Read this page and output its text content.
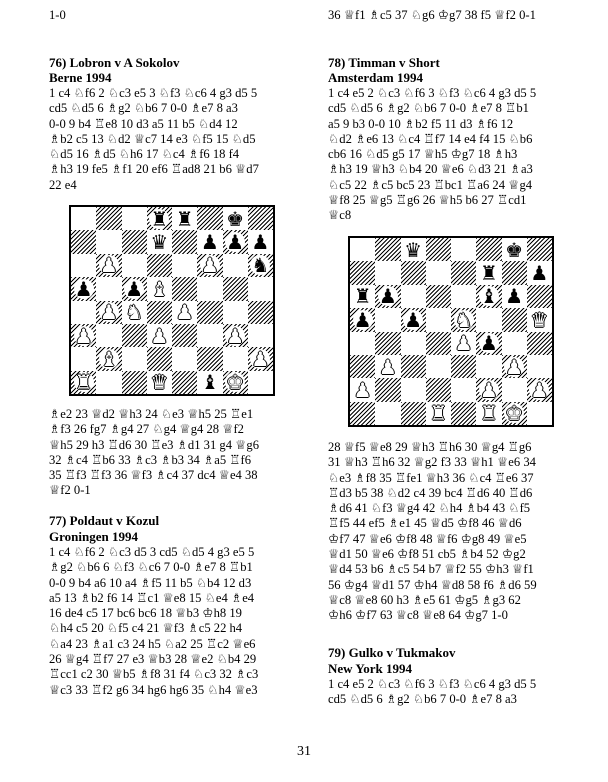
1-0
76) Lobron v A Sokolov
Berne 1994
1 c4 ♘f6 2 ♘c3 e5 3 ♘f3 ♘c6 4 g3 d5 5
cd5 ♘d5 6 ♗g2 ♘b6 7 0-0 ♗e7 8 a3
0-0 9 b4 ♖e8 10 d3 a5 11 b5 ♘d4 12
♗b2 c5 13 ♘d2 ♕c7 14 e3 ♘f5 15 ♘d5
♘d5 16 ♗d5 ♘h6 17 ♘c4 ♗f6 18 f4
♗h3 19 fe5 ♗f1 20 ef6 ♖ad8 21 b6 ♕d7
22 e4
♜ ♜ ♚
♛ ♟ ♟ ♟
♟	♟ ♞
♟ ♟ ♝
♟ ♞ ♟
♟	♟	♟
♝	♟
♜	♛ ♝ ♚
♗e2 23 ♕d2 ♕h3 24 ♘e3 ♕h5 25 ♖e1
♗f3 26 fg7 ♗g4 27 ♘g4 ♕g4 28 ♕f2
♕h5 29 h3 ♖d6 30 ♖e3 ♗d1 31 g4 ♕g6
32 ♗c4 ♖b6 33 ♗c3 ♗b3 34 ♗a5 ♖f6
35 ♖f3 ♖f3 36 ♕f3 ♗c4 37 dc4 ♕e4 38
♕f2 0-1
77) Poldaut v Kozul
Groningen 1994
1 c4 ♘f6 2 ♘c3 d5 3 cd5 ♘d5 4 g3 e5 5
♗g2 ♘b6 6 ♘f3 ♘c6 7 0-0 ♗e7 8 ♖b1
0-0 9 b4 a6 10 a4 ♗f5 11 b5 ♘b4 12 d3
a5 13 ♗b2 f6 14 ♖c1 ♕e8 15 ♘e4 ♗e4
16 de4 c5 17 bc6 bc6 18 ♕b3 ♔h8 19
♘h4 c5 20 ♘f5 c4 21 ♕f3 ♗c5 22 h4
♘a4 23 ♗a1 c3 24 h5 ♘a2 25 ♖c2 ♕e6
26 ♕g4 ♖f7 27 e3 ♕b3 28 ♕e2 ♘b4 29
♖cc1 c2 30 ♕b5 ♗f8 31 f4 ♘c3 32 ♗c3
♕c3 33 ♖f2 g6 34 hg6 hg6 35 ♘h4 ♕e3
36 ♕f1 ♗c5 37 ♘g6 ♔g7 38 f5 ♕f2 0-1
78) Timman v Short
Amsterdam 1994
1 c4 e5 2 ♘c3 ♘f6 3 ♘f3 ♘c6 4 g3 d5 5
cd5 ♘d5 6 ♗g2 ♘b6 7 0-0 ♗e7 8 ♖b1
a5 9 b3 0-0 10 ♗b2 f5 11 d3 ♗f6 12
♘d2 ♗e6 13 ♘c4 ♖f7 14 e4 f4 15 ♘b6
cb6 16 ♘d5 g5 17 ♕h5 ♔g7 18 ♗h3
♗h3 19 ♕h3 ♘b4 20 ♕e6 ♘d3 21 ♗a3
♘c5 22 ♗c5 bc5 23 ♖bc1 ♖a6 24 ♕g4
♕f8 25 ♕g5 ♖g6 26 ♕h5 b6 27 ♖cd1
♕c8
♛	♚
♜ ♟
♜ ♟	♝ ♟
♟ ♟ ♞	♛
♟ ♟
♟	♟
♟	♟ ♟
♜ ♜ ♚
28 ♕f5 ♕e8 29 ♕h3 ♖h6 30 ♕g4 ♖g6
31 ♕h3 ♖h6 32 ♕g2 f3 33 ♕h1 ♕e6 34
♘e3 ♗f8 35 ♖fe1 ♕h3 36 ♘c4 ♖e6 37
♖d3 b5 38 ♘d2 c4 39 bc4 ♖d6 40 ♖d6
♗d6 41 ♘f3 ♕g4 42 ♘h4 ♗b4 43 ♘f5
♖f5 44 ef5 ♗e1 45 ♕d5 ♔f8 46 ♕d6
♔f7 47 ♕e6 ♔f8 48 ♕f6 ♔g8 49 ♕e5
♕d1 50 ♕e6 ♔f8 51 cb5 ♗b4 52 ♔g2
♕d4 53 b6 ♗c5 54 b7 ♕f2 55 ♔h3 ♕f1
56 ♔g4 ♕d1 57 ♔h4 ♕d8 58 f6 ♗d6 59
♕c8 ♕e8 60 h3 ♗e5 61 ♔g5 ♗g3 62
♔h6 ♔f7 63 ♕c8 ♕e8 64 ♔g7 1-0
79) Gulko v Tukmakov
New York 1994
1 c4 e5 2 ♘c3 ♘f6 3 ♘f3 ♘c6 4 g3 d5 5
cd5 ♘d5 6 ♗g2 ♘b6 7 0-0 ♗e7 8 a3
31
